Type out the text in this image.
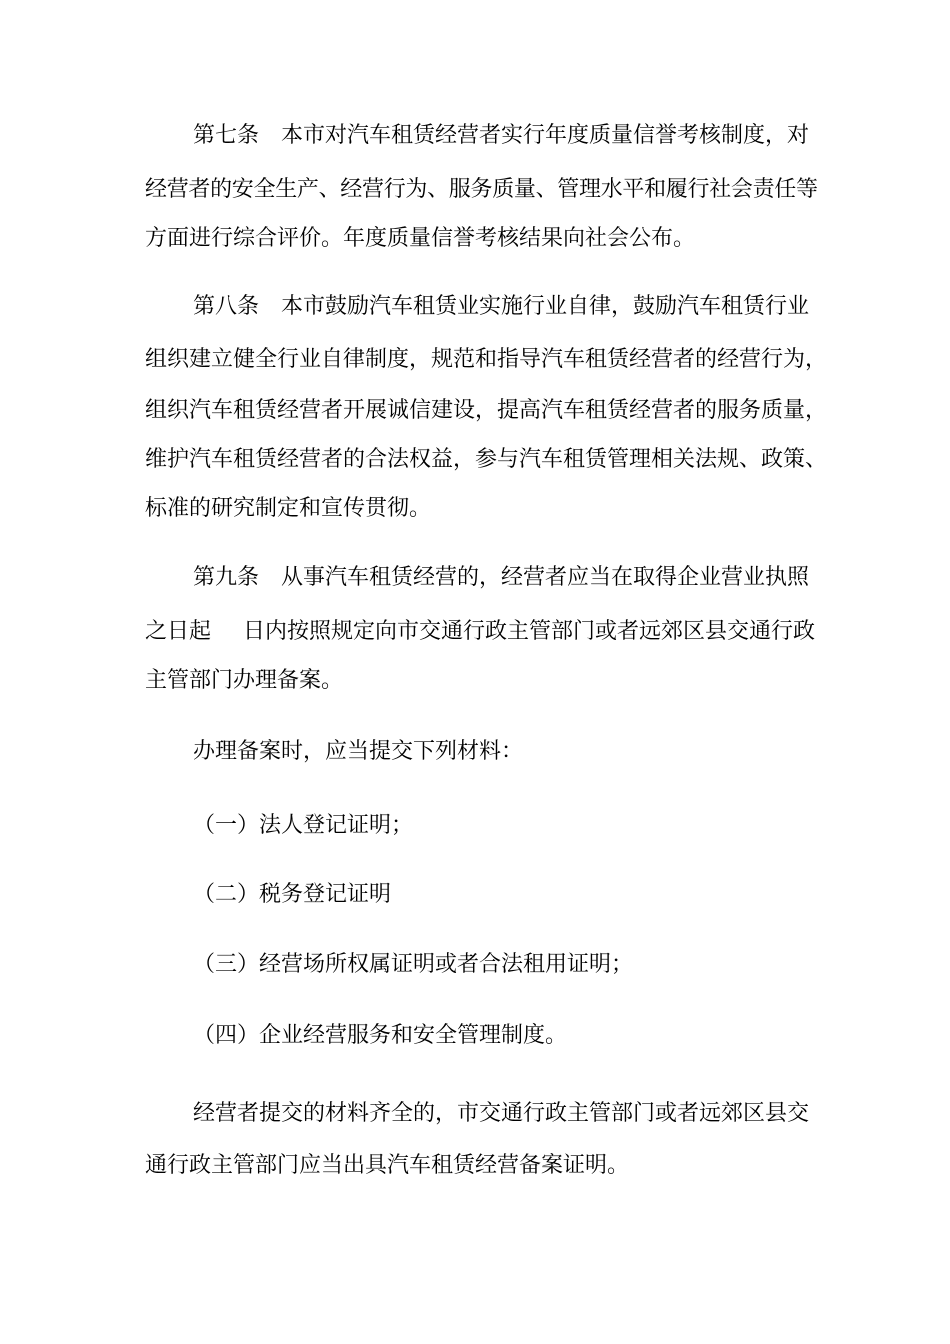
第七条　本市对汽车租赁经营者实行年度质量信誉考核制度，对

经营者的安全生产、经营行为、服务质量、管理水平和履行社会责任等

方面进行综合评价。年度质量信誉考核结果向社会公布。

第八条　本市鼓励汽车租赁业实施行业自律，鼓励汽车租赁行业

组织建立健全行业自律制度，规范和指导汽车租赁经营者的经营行为，

组织汽车租赁经营者开展诚信建设，提高汽车租赁经营者的服务质量，

维护汽车租赁经营者的合法权益，参与汽车租赁管理相关法规、政策、

标准的研究制定和宣传贯彻。

第九条　从事汽车租赁经营的，经营者应当在取得企业营业执照

之日起 日内按照规定向市交通行政主管部门或者远郊区县交通行政

主管部门办理备案。

办理备案时，应当提交下列材料：

（一）法人登记证明；

（二）税务登记证明

（三）经营场所权属证明或者合法租用证明；

（四）企业经营服务和安全管理制度。

经营者提交的材料齐全的，市交通行政主管部门或者远郊区县交

通行政主管部门应当出具汽车租赁经营备案证明。
